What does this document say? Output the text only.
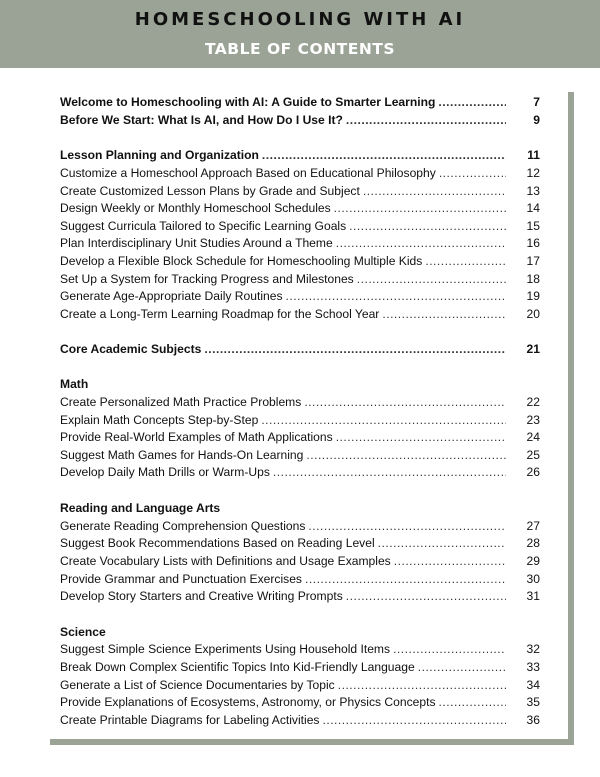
HOMESCHOOLING WITH AI
TABLE OF CONTENTS
Welcome to Homeschooling with AI: A Guide to Smarter Learning .....	7
Before We Start: What Is AI, and How Do I Use It? .....	9
Lesson Planning and Organization .....	11
Customize a Homeschool Approach Based on Educational Philosophy .....	12
Create Customized Lesson Plans by Grade and Subject .....	13
Design Weekly or Monthly Homeschool Schedules .....	14
Suggest Curricula Tailored to Specific Learning Goals .....	15
Plan Interdisciplinary Unit Studies Around a Theme .....	16
Develop a Flexible Block Schedule for Homeschooling Multiple Kids .....	17
Set Up a System for Tracking Progress and Milestones .....	18
Generate Age-Appropriate Daily Routines .....	19
Create a Long-Term Learning Roadmap for the School Year .....	20
Core Academic Subjects .....	21
Math
Create Personalized Math Practice Problems .....	22
Explain Math Concepts Step-by-Step .....	23
Provide Real-World Examples of Math Applications .....	24
Suggest Math Games for Hands-On Learning .....	25
Develop Daily Math Drills or Warm-Ups .....	26
Reading and Language Arts
Generate Reading Comprehension Questions .....	27
Suggest Book Recommendations Based on Reading Level .....	28
Create Vocabulary Lists with Definitions and Usage Examples .....	29
Provide Grammar and Punctuation Exercises .....	30
Develop Story Starters and Creative Writing Prompts .....	31
Science
Suggest Simple Science Experiments Using Household Items .....	32
Break Down Complex Scientific Topics Into Kid-Friendly Language .....	33
Generate a List of Science Documentaries by Topic .....	34
Provide Explanations of Ecosystems, Astronomy, or Physics Concepts .....	35
Create Printable Diagrams for Labeling Activities .....	36
